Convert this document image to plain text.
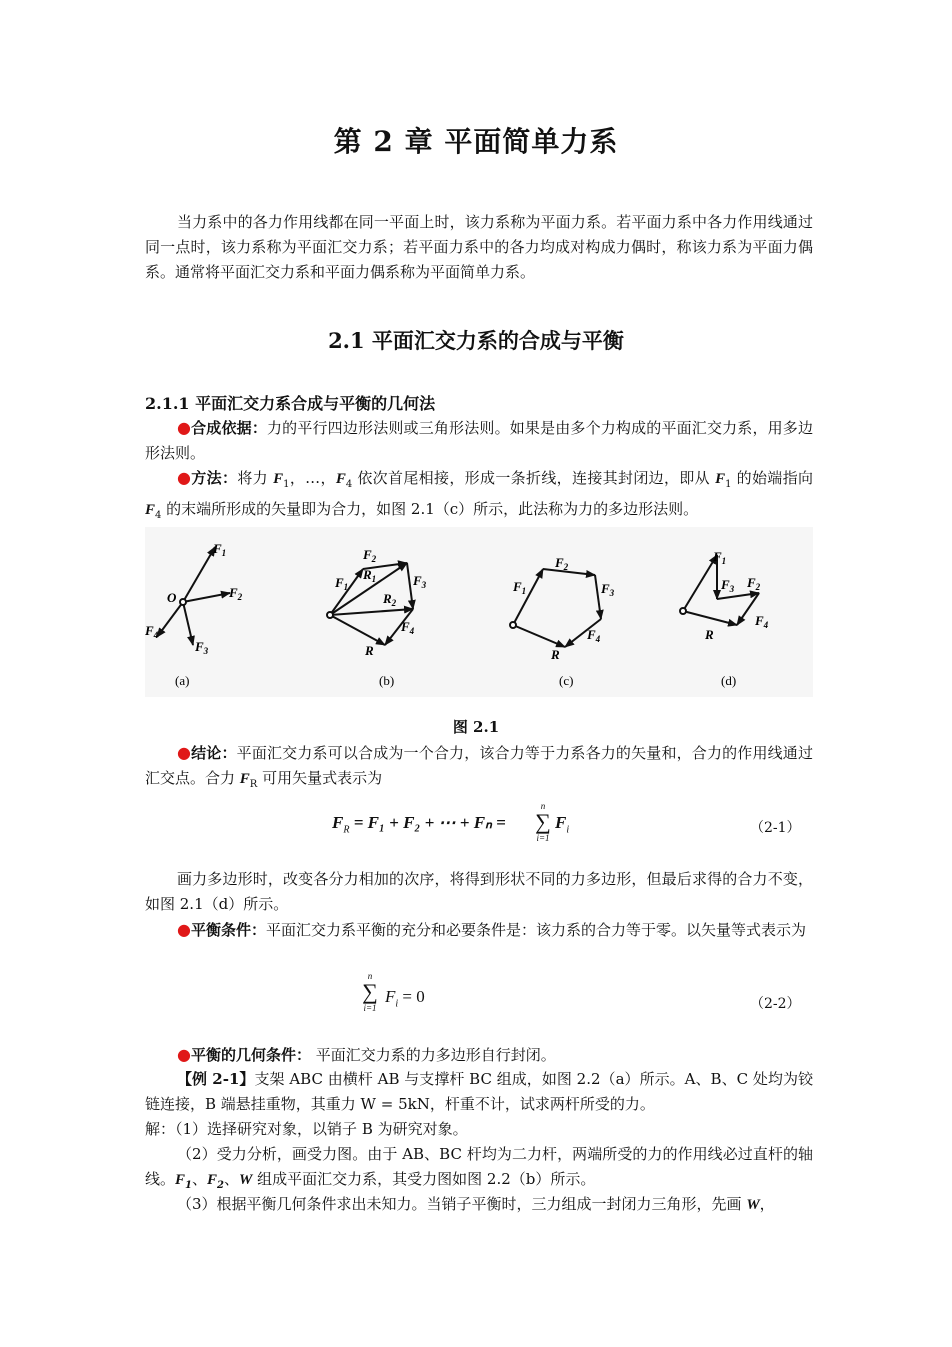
第 2 章 平面简单力系
当力系中的各力作用线都在同一平面上时，该力系称为平面力系。若平面力系中各力作用线通过同一点时，该力系称为平面汇交力系；若平面力系中的各力均成对构成力偶时，称该力系为平面力偶系。通常将平面汇交力系和平面力偶系称为平面简单力系。
2.1 平面汇交力系的合成与平衡
2.1.1 平面汇交力系合成与平衡的几何法
●合成依据：力的平行四边形法则或三角形法则。如果是由多个力构成的平面汇交力系，用多边形法则。
●方法：将力 $F_1$，…，$F_4$ 依次首尾相接，形成一条折线，连接其封闭边，即从 $F_1$ 的始端指向 $F_4$ 的末端所形成的矢量即为合力，如图 2.1（c）所示，此法称为力的多边形法则。
$F_1$
$F_2$
$F_3$
$F_4$
O
$F_1$
$F_2$
$F_3$
$F_4$
$R_1$
$R_2$
R
$F_1$
$F_2$
$F_3$
$F_4$
R
$F_1$
$F_3$ $F_2$
$F_4$
R
(a)	(b)	(c)	(d)
图 2.1
●结论：平面汇交力系可以合成为一个合力，该合力等于力系各力的矢量和，合力的作用线通过汇交点。合力 $F_R$ 可用矢量式表示为
$F_R = F_1 + F_2$ + ⋯ + Fₙ =
n
∑
i=1
$F_i$	（2-1）
画力多边形时，改变各分力相加的次序，将得到形状不同的力多边形，但最后求得的合力不变，如图 2.1（d）所示。
●平衡条件：平面汇交力系平衡的充分和必要条件是：该力系的合力等于零。以矢量等式表示为
n
∑
i=1
$F_i = 0$	（2-2）
●平衡的几何条件： 平面汇交力系的力多边形自行封闭。
【例 2-1】支架 ABC 由横杆 AB 与支撑杆 BC 组成，如图 2.2（a）所示。A、B、C 处均为铰链连接，B 端悬挂重物，其重力 W = 5kN，杆重不计，试求两杆所受的力。
解：（1）选择研究对象，以销子 B 为研究对象。
（2）受力分析，画受力图。由于 AB、BC 杆均为二力杆，两端所受的力的作用线必过直杆的轴线。$F_1$、$F_2$、W 组成平面汇交力系，其受力图如图 2.2（b）所示。
（3）根据平衡几何条件求出未知力。当销子平衡时，三力组成一封闭力三角形，先画 W，
